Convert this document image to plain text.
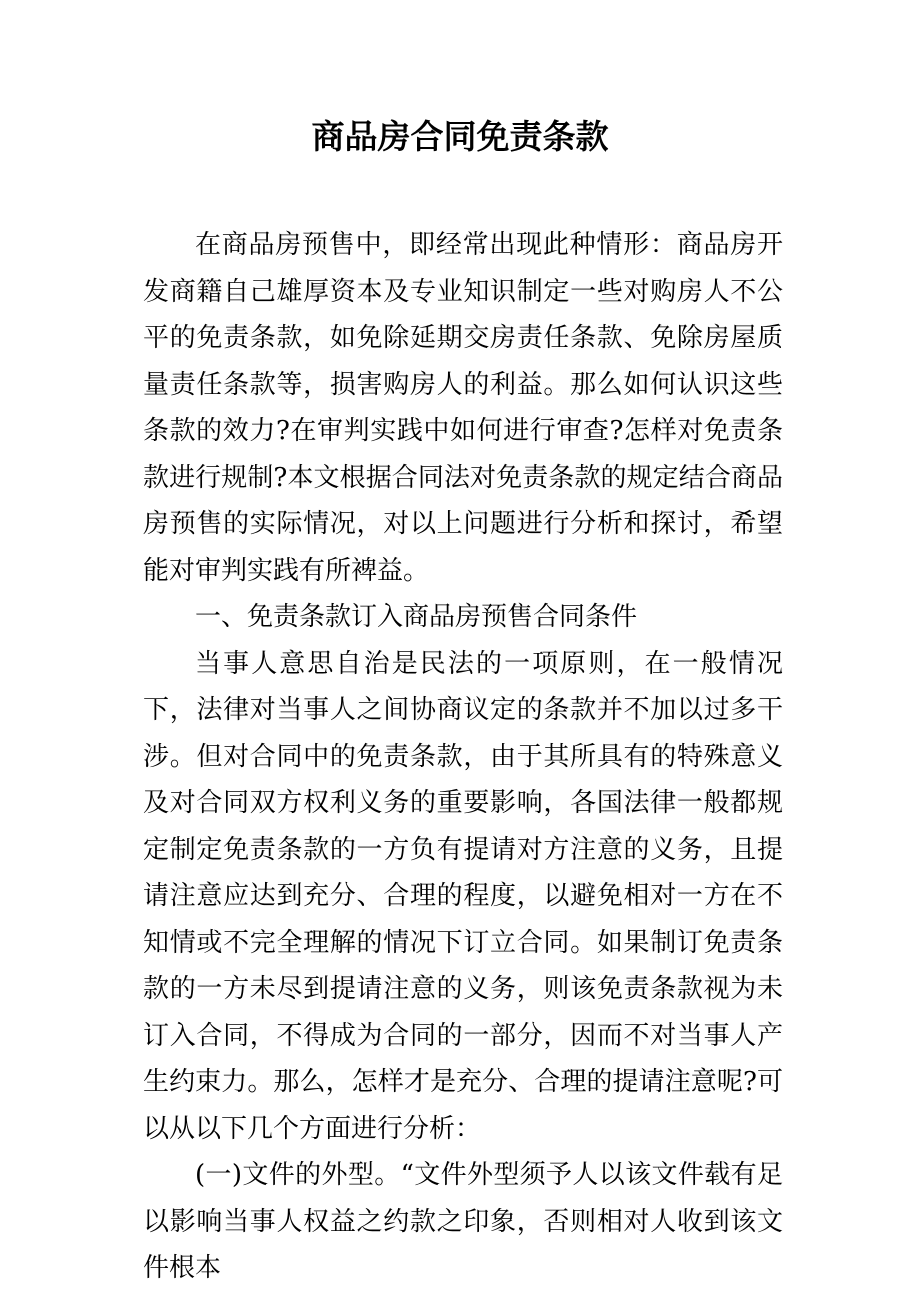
商品房合同免责条款

在商品房预售中，即经常出现此种情形：商品房开发商籍自己雄厚资本及专业知识制定一些对购房人不公平的免责条款，如免除延期交房责任条款、免除房屋质量责任条款等，损害购房人的利益。那么如何认识这些条款的效力?在审判实践中如何进行审查?怎样对免责条款进行规制?本文根据合同法对免责条款的规定结合商品房预售的实际情况，对以上问题进行分析和探讨，希望能对审判实践有所裨益。

一、免责条款订入商品房预售合同条件

当事人意思自治是民法的一项原则，在一般情况下，法律对当事人之间协商议定的条款并不加以过多干涉。但对合同中的免责条款，由于其所具有的特殊意义及对合同双方权利义务的重要影响，各国法律一般都规定制定免责条款的一方负有提请对方注意的义务，且提请注意应达到充分、合理的程度，以避免相对一方在不知情或不完全理解的情况下订立合同。如果制订免责条款的一方未尽到提请注意的义务，则该免责条款视为未订入合同，不得成为合同的一部分，因而不对当事人产生约束力。那么，怎样才是充分、合理的提请注意呢?可以从以下几个方面进行分析：

(一)文件的外型。“文件外型须予人以该文件载有足以影响当事人权益之约款之印象，否则相对人收到该文件根本
